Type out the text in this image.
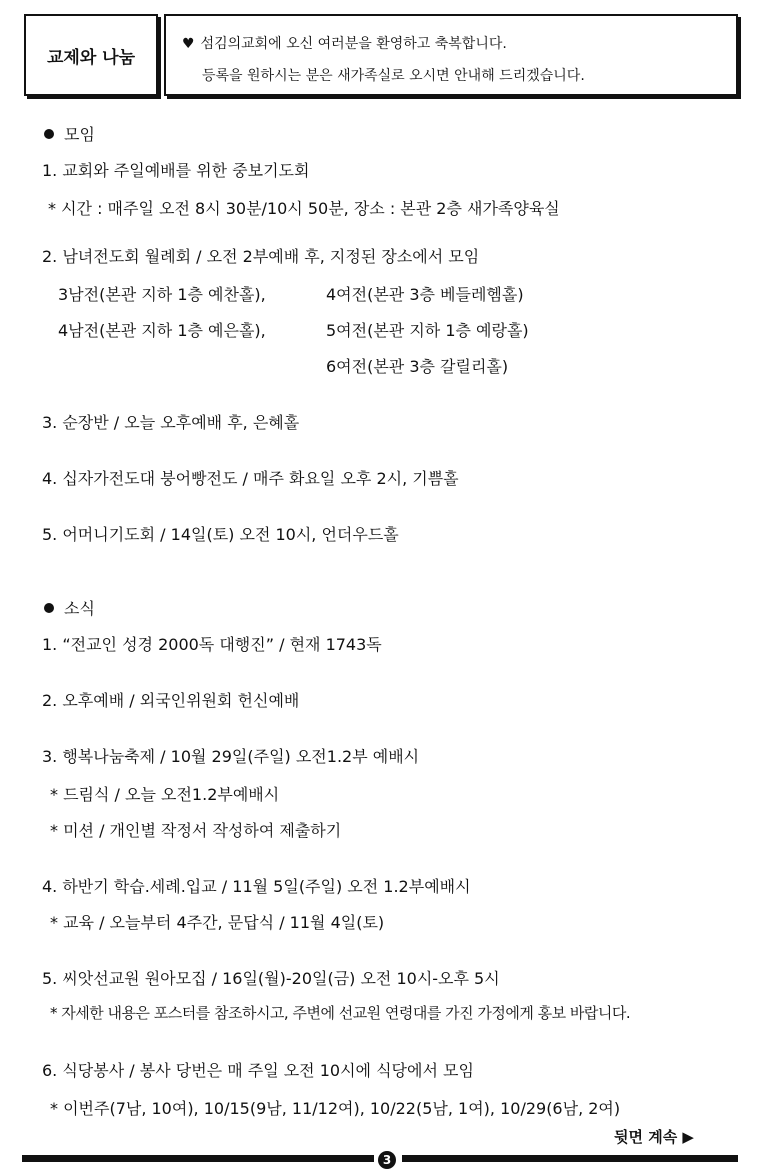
교제와 나눔
♥ 섬김의교회에 오신 여러분을 환영하고 축복합니다.
등록을 원하시는 분은 새가족실로 오시면 안내해 드리겠습니다.
모임
1. 교회와 주일예배를 위한 중보기도회
* 시간 : 매주일 오전 8시 30분/10시 50분, 장소 : 본관 2층 새가족양육실
2. 남녀전도회 월례회 / 오전 2부예배 후, 지정된 장소에서 모임
3남전(본관 지하 1층 예찬홀),	4여전(본관 3층 베들레헴홀)
4남전(본관 지하 1층 예은홀),	5여전(본관 지하 1층 예랑홀)
6여전(본관 3층 갈릴리홀)
3. 순장반 / 오늘 오후예배 후, 은혜홀
4. 십자가전도대 붕어빵전도 / 매주 화요일 오후 2시, 기쁨홀
5. 어머니기도회 / 14일(토) 오전 10시, 언더우드홀
소식
1. “전교인 성경 2000독 대행진” / 현재 1743독
2. 오후예배 / 외국인위원회 헌신예배
3. 행복나눔축제 / 10월 29일(주일) 오전1.2부 예배시
* 드림식 / 오늘 오전1.2부예배시
* 미션 / 개인별 작정서 작성하여 제출하기
4. 하반기 학습.세례.입교 / 11월 5일(주일) 오전 1.2부예배시
* 교육 / 오늘부터 4주간, 문답식 / 11월 4일(토)
5. 씨앗선교원 원아모집 / 16일(월)-20일(금) 오전 10시-오후 5시
* 자세한 내용은 포스터를 참조하시고, 주변에 선교원 연령대를 가진 가정에게 홍보 바랍니다.
6. 식당봉사 / 봉사 당번은 매 주일 오전 10시에 식당에서 모임
* 이번주(7남, 10여), 10/15(9남, 11/12여), 10/22(5남, 1여), 10/29(6남, 2여)
뒷면 계속 ▶
3
